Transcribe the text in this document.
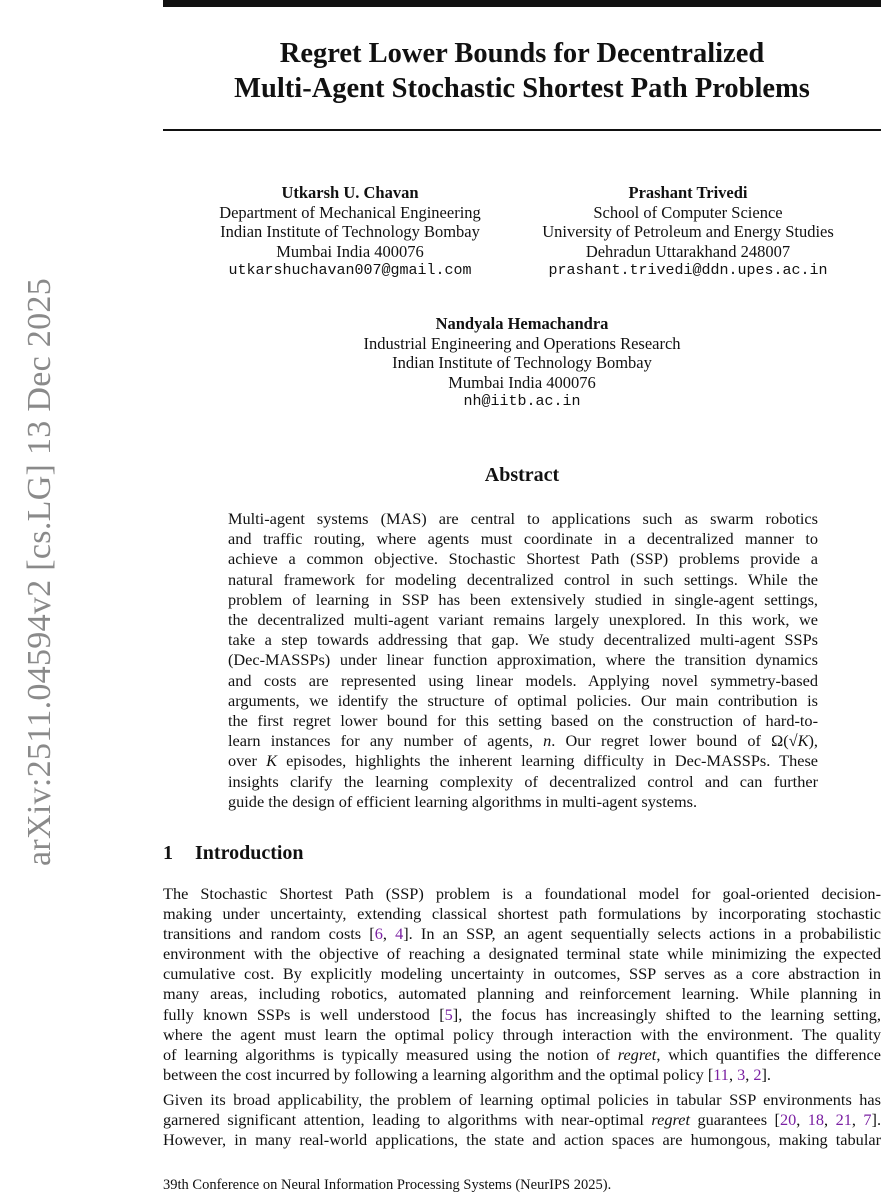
arXiv:2511.04594v2 [cs.LG] 13 Dec 2025
Regret Lower Bounds for Decentralized
Multi-Agent Stochastic Shortest Path Problems
Utkarsh U. Chavan
Department of Mechanical Engineering
Indian Institute of Technology Bombay
Mumbai India 400076
utkarshuchavan007@gmail.com
Prashant Trivedi
School of Computer Science
University of Petroleum and Energy Studies
Dehradun Uttarakhand 248007
prashant.trivedi@ddn.upes.ac.in
Nandyala Hemachandra
Industrial Engineering and Operations Research
Indian Institute of Technology Bombay
Mumbai India 400076
nh@iitb.ac.in
Abstract
Multi-agent systems (MAS) are central to applications such as swarm robotics
and traffic routing, where agents must coordinate in a decentralized manner to
achieve a common objective. Stochastic Shortest Path (SSP) problems provide a
natural framework for modeling decentralized control in such settings. While the
problem of learning in SSP has been extensively studied in single-agent settings,
the decentralized multi-agent variant remains largely unexplored. In this work, we
take a step towards addressing that gap. We study decentralized multi-agent SSPs
(Dec-MASSPs) under linear function approximation, where the transition dynamics
and costs are represented using linear models. Applying novel symmetry-based
arguments, we identify the structure of optimal policies. Our main contribution is
the first regret lower bound for this setting based on the construction of hard-to-
learn instances for any number of agents, n. Our regret lower bound of Ω(√K),
over K episodes, highlights the inherent learning difficulty in Dec-MASSPs. These
insights clarify the learning complexity of decentralized control and can further
guide the design of efficient learning algorithms in multi-agent systems.
1 Introduction
The Stochastic Shortest Path (SSP) problem is a foundational model for goal-oriented decision-
making under uncertainty, extending classical shortest path formulations by incorporating stochastic
transitions and random costs [6, 4]. In an SSP, an agent sequentially selects actions in a probabilistic
environment with the objective of reaching a designated terminal state while minimizing the expected
cumulative cost. By explicitly modeling uncertainty in outcomes, SSP serves as a core abstraction in
many areas, including robotics, automated planning and reinforcement learning. While planning in
fully known SSPs is well understood [5], the focus has increasingly shifted to the learning setting,
where the agent must learn the optimal policy through interaction with the environment. The quality
of learning algorithms is typically measured using the notion of regret, which quantifies the difference
between the cost incurred by following a learning algorithm and the optimal policy [11, 3, 2].
Given its broad applicability, the problem of learning optimal policies in tabular SSP environments has
garnered significant attention, leading to algorithms with near-optimal regret guarantees [20, 18, 21, 7].
However, in many real-world applications, the state and action spaces are humongous, making tabular
39th Conference on Neural Information Processing Systems (NeurIPS 2025).
